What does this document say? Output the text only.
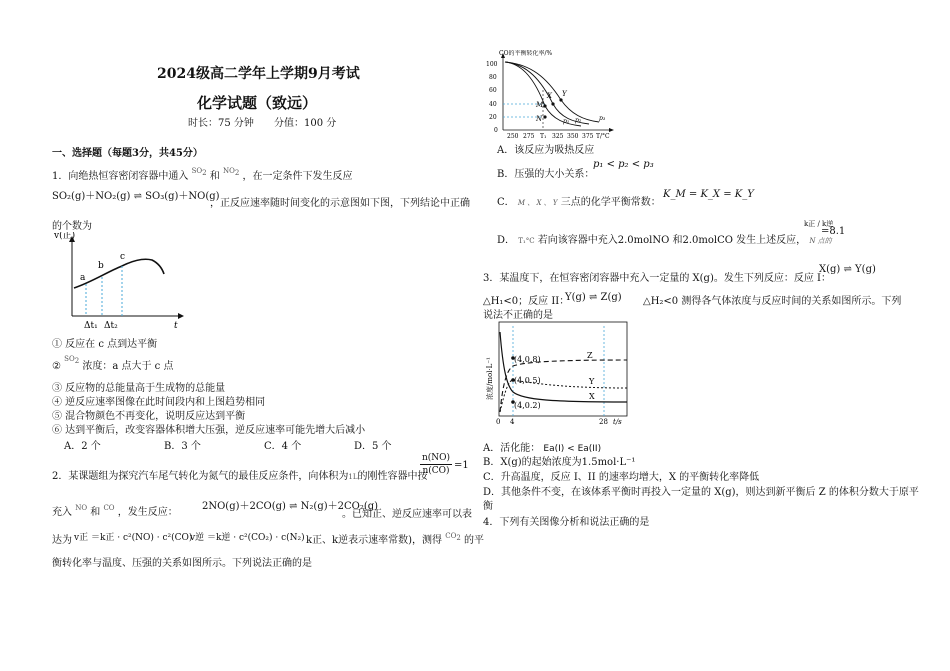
2024级高二学年上学期9月考试
化学试题（致远）
时长：75 分钟 分值：100 分
一、选择题（每题3分，共45分）
1．向绝热恒容密闭容器中通入 $^{SO2}$ 和 $^{NO2}$ ，在一定条件下发生反应
SO₂(g)＋NO₂(g) ⇌ SO₃(g)＋NO(g)
，正反应速率随时间变化的示意图如下图，下列结论中正确
的个数为
v(正)
a
b
c
Δt₁ Δt₂	t
① 反应在 c 点到达平衡
② $^{SO2}$ 浓度：a 点大于 c 点
③ 反应物的总能量高于生成物的总能量
④ 逆反应速率图像在此时间段内和上图趋势相同
⑤ 混合物颜色不再变化，说明反应达到平衡
⑥ 达到平衡后，改变容器体积增大压强，逆反应速率可能先增大后减小
A．2 个	B．3 个	C．4 个	D．5 个
2．某课题组为探究汽车尾气转化为氮气的最佳反应条件，向体积为1L的刚性容器中按
$\frac{n(NO)}{n(CO)} =1$
充入 $^{NO}$ 和 $^{CO}$ ，发生反应：
2NO(g)＋2CO(g) ⇌ N₂(g)＋2CO₂(g)
。已知正、逆反应速率可以表
达为 v正 ＝k正 · c²(NO) · c²(CO)
v逆 ＝k逆 · c²(CO₂) · c(N₂) k正、k逆表示速率常数)，测得 $^{CO2}$ 的平
衡转化率与温度、压强的关系如图所示。下列说法正确的是
CO的平衡转化率/%
100
80
60
40
20
0
250 275 T₁ 325 350 375 T/°C
M
X Y
N	p₁ p₂	p₃
A．该反应为吸热反应
B．压强的大小关系：
p₁ < p₂ < p₃
C． M 、 X 、 Y 三点的化学平衡常数：
K_M = K_X = K_Y
D． T₁°C 若向该容器中充入2.0molNO 和2.0molCO 发生上述反应， N 点的
k正 / k逆
=8.1
3．某温度下，在恒容密闭容器中充入一定量的 X(g)。发生下列反应：反应 I：
X(g) ⇌ Y(g)
△H₁<0；反应 II：
Y(g) ⇌ Z(g) △H₂<0 测得各气体浓度与反应时间的关系如图所示。下列
说法不正确的是
(4,0.8)
(4,0.5)
(4,0.2)
Z
Y
X
0 4	28 t/s
浓度/mol·L⁻¹
A．活化能： Ea(I) < Ea(II)
B．X(g)的起始浓度为1.5mol·L⁻¹
C．升高温度，反应 I、II 的速率均增大，X 的平衡转化率降低
D．其他条件不变，在该体系平衡时再投入一定量的 X(g)，则达到新平衡后 Z 的体积分数大于原平
衡
4．下列有关图像分析和说法正确的是
